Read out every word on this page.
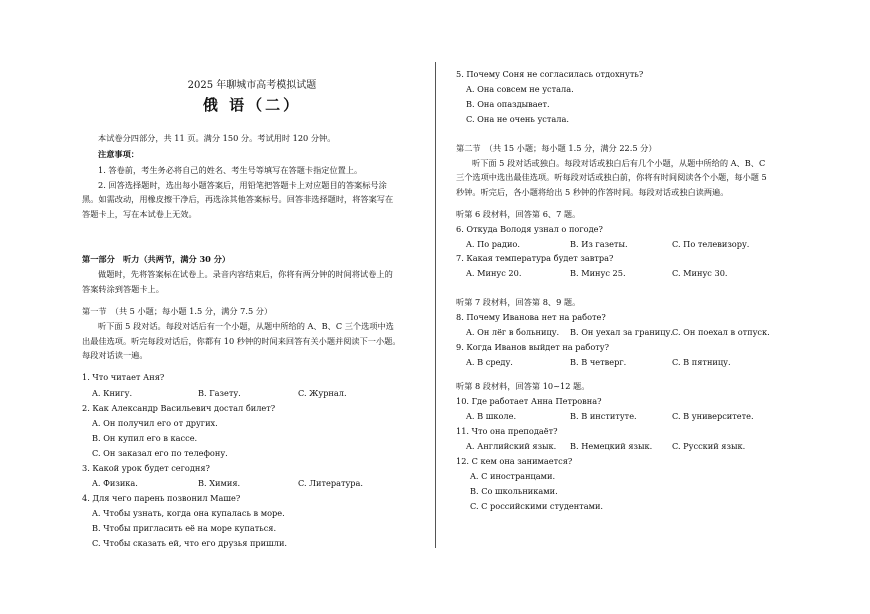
2025 年聊城市高考模拟试题
俄 语（二）
本试卷分四部分，共 11 页。满分 150 分。考试用时 120 分钟。
注意事项：
1. 答卷前，考生务必将自己的姓名、考生号等填写在答题卡指定位置上。
2. 回答选择题时，选出每小题答案后，用铅笔把答题卡上对应题目的答案标号涂
黑。如需改动，用橡皮擦干净后，再选涂其他答案标号。回答非选择题时，将答案写在
答题卡上，写在本试卷上无效。
第一部分　听力（共两节，满分 30 分）
做题时，先将答案标在试卷上。录音内容结束后，你将有两分钟的时间将试卷上的
答案转涂到答题卡上。
第一节　（共 5 小题；每小题 1.5 分，满分 7.5 分）
听下面 5 段对话。每段对话后有一个小题，从题中所给的 A、B、C 三个选项中选
出最佳选项。听完每段对话后，你都有 10 秒钟的时间来回答有关小题并阅读下一小题。
每段对话读一遍。
1. Что читает Аня?
A. Книгу.	B. Газету.	C. Журнал.
2. Как Александр Васильевич достал билет?
A. Он получил его от других.
B. Он купил его в кассе.
C. Он заказал его по телефону.
3. Какой урок будет сегодня?
A. Физика.	B. Химия.	C. Литература.
4. Для чего парень позвонил Маше?
A. Чтобы узнать, когда она купалась в море.
B. Чтобы пригласить её на море купаться.
C. Чтобы сказать ей, что его друзья пришли.
5. Почему Соня не согласилась отдохнуть?
A. Она совсем не устала.
B. Она опаздывает.
C. Она не очень устала.
第二节　（共 15 小题；每小题 1.5 分，满分 22.5 分）
听下面 5 段对话或独白。每段对话或独白后有几个小题，从题中所给的 A、B、C
三个选项中选出最佳选项。听每段对话或独白前，你将有时间阅读各个小题，每小题 5
秒钟。听完后，各小题将给出 5 秒钟的作答时间。每段对话或独白读两遍。
听第 6 段材料，回答第 6、7 题。
6. Откуда Володя узнал о погоде?
A. По радио.	B. Из газеты.	C. По телевизору.
7. Какая температура будет завтра?
A. Минус 20.	B. Минус 25.	C. Минус 30.
听第 7 段材料，回答第 8、9 题。
8. Почему Иванова нет на работе?
A. Он лёг в больницу. B. Он уехал за границу. C. Он поехал в отпуск.
9. Когда Иванов выйдет на работу?
A. В среду.	B. В четверг.	C. В пятницу.
听第 8 段材料，回答第 10~12 题。
10. Где работает Анна Петровна?
A. В школе.	B. В институте.	C. В университете.
11. Что она преподаёт?
A. Английский язык. B. Немецкий язык. C. Русский язык.
12. С кем она занимается?
A. С иностранцами.
B. Со школьниками.
C. С российскими студентами.
